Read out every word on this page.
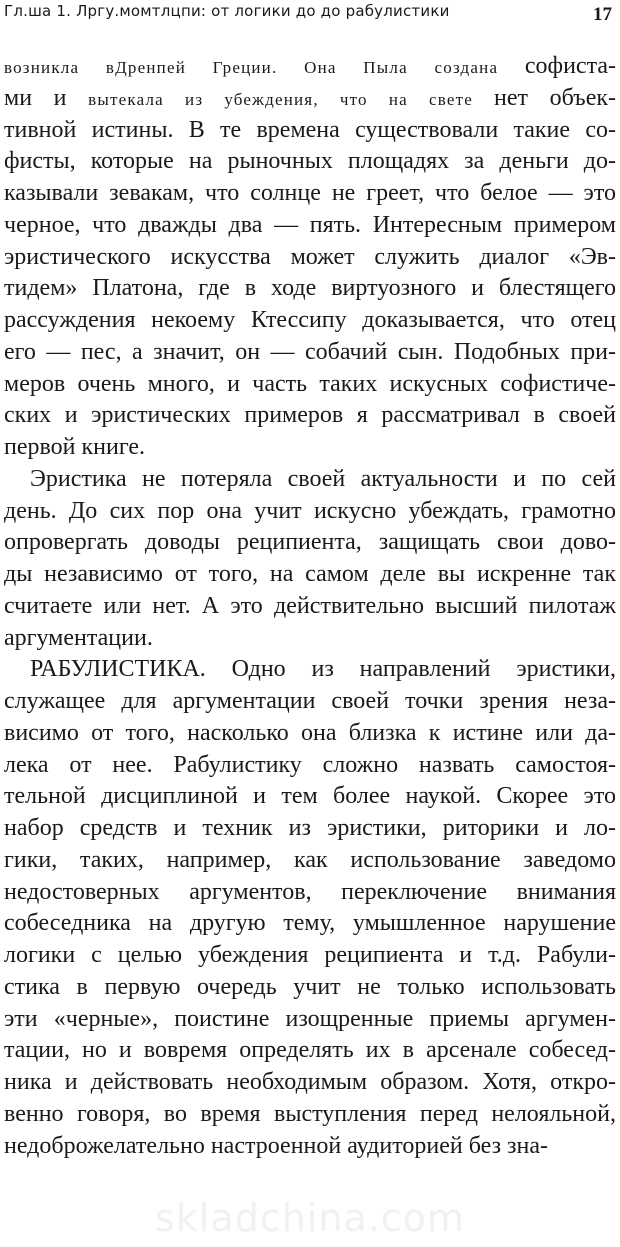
Гл.ша 1. Лргу.момтлцпи: от логики до до рабулистики	17
возникла вДренпей Греции. Она Пыла создана софиста-
ми и вытекала из убеждения, что на свете нет объек-
тивной истины. В те времена существовали такие со-
фисты, которые на рыночных площадях за деньги до-
казывали зевакам, что солнце не греет, что белое — это
черное, что дважды два — пять. Интересным примером
эристического искусства может служить диалог «Эв-
тидем» Платона, где в ходе виртуозного и блестящего
рассуждения некоему Ктессипу доказывается, что отец
его — пес, а значит, он — собачий сын. Подобных при-
меров очень много, и часть таких искусных софистиче-
ских и эристических примеров я рассматривал в своей
первой книге.
Эристика не потеряла своей актуальности и по сей
день. До сих пор она учит искусно убеждать, грамотно
опровергать доводы реципиента, защищать свои дово-
ды независимо от того, на самом деле вы искренне так
считаете или нет. А это действительно высший пилотаж
аргументации.
РАБУЛИСТИКА. Одно из направлений эристики,
служащее для аргументации своей точки зрения неза-
висимо от того, насколько она близка к истине или да-
лека от нее. Рабулистику сложно назвать самостоя-
тельной дисциплиной и тем более наукой. Скорее это
набор средств и техник из эристики, риторики и ло-
гики, таких, например, как использование заведомо
недостоверных аргументов, переключение внимания
собеседника на другую тему, умышленное нарушение
логики с целью убеждения реципиента и т.д. Рабули-
стика в первую очередь учит не только использовать
эти «черные», поистине изощренные приемы аргумен-
тации, но и вовремя определять их в арсенале собесед-
ника и действовать необходимым образом. Хотя, откро-
венно говоря, во время выступления перед нелояльной,
недоброжелательно настроенной аудиторией без зна-
skladchina.com
